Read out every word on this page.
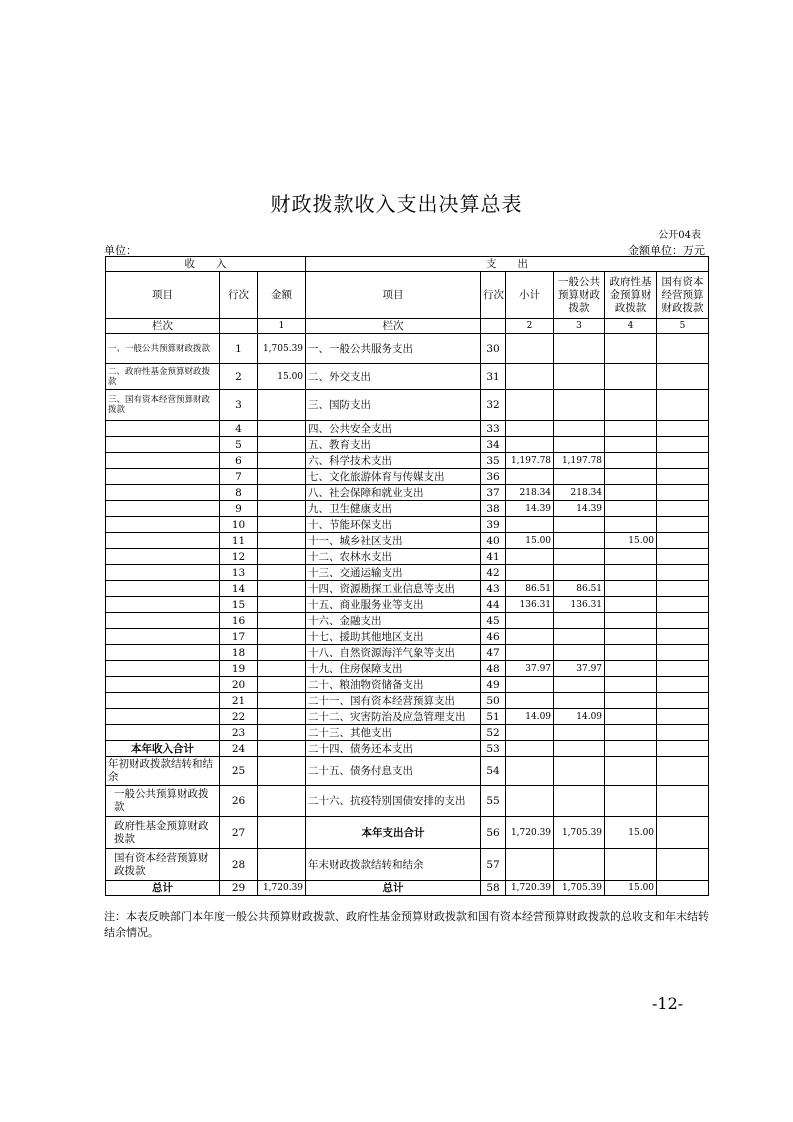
财政拨款收入支出决算总表
公开04表
单位：	金额单位：万元
收　　入			支　　出					
项目	行次	金额	项目	行次	小计	一般公共预算财政拨款	政府性基金预算财政拨款	国有资本经营预算财政拨款
栏次		1	栏次		2	3	4	5
一、一般公共预算财政拨款	1	1,705.39	一、一般公共服务支出	30				
二、政府性基金预算财政拨款	2	15.00	二、外交支出	31				
三、国有资本经营预算财政拨款	3		三、国防支出	32				
	4		四、公共安全支出	33				
	5		五、教育支出	34				
	6		六、科学技术支出	35	1,197.78	1,197.78		
	7		七、文化旅游体育与传媒支出	36				
	8		八、社会保障和就业支出	37	218.34	218.34		
	9		九、卫生健康支出	38	14.39	14.39		
	10		十、节能环保支出	39				
	11		十一、城乡社区支出	40	15.00		15.00	
	12		十二、农林水支出	41				
	13		十三、交通运输支出	42				
	14		十四、资源勘探工业信息等支出	43	86.51	86.51		
	15		十五、商业服务业等支出	44	136.31	136.31		
	16		十六、金融支出	45				
	17		十七、援助其他地区支出	46				
	18		十八、自然资源海洋气象等支出	47				
	19		十九、住房保障支出	48	37.97	37.97		
	20		二十、粮油物资储备支出	49				
	21		二十一、国有资本经营预算支出	50				
	22		二十二、灾害防治及应急管理支出	51	14.09	14.09		
	23		二十三、其他支出	52				
本年收入合计	24		二十四、债务还本支出	53				
年初财政拨款结转和结余	25		二十五、债务付息支出	54				
一般公共预算财政拨款	26		二十六、抗疫特别国债安排的支出	55				
政府性基金预算财政拨款	27		本年支出合计	56	1,720.39	1,705.39	15.00	
国有资本经营预算财政拨款	28		年末财政拨款结转和结余	57				
总计	29	1,720.39	总计	58	1,720.39	1,705.39	15.00	
注：本表反映部门本年度一般公共预算财政拨款、政府性基金预算财政拨款和国有资本经营预算财政拨款的总收支和年末结转结余情况。
-12-
